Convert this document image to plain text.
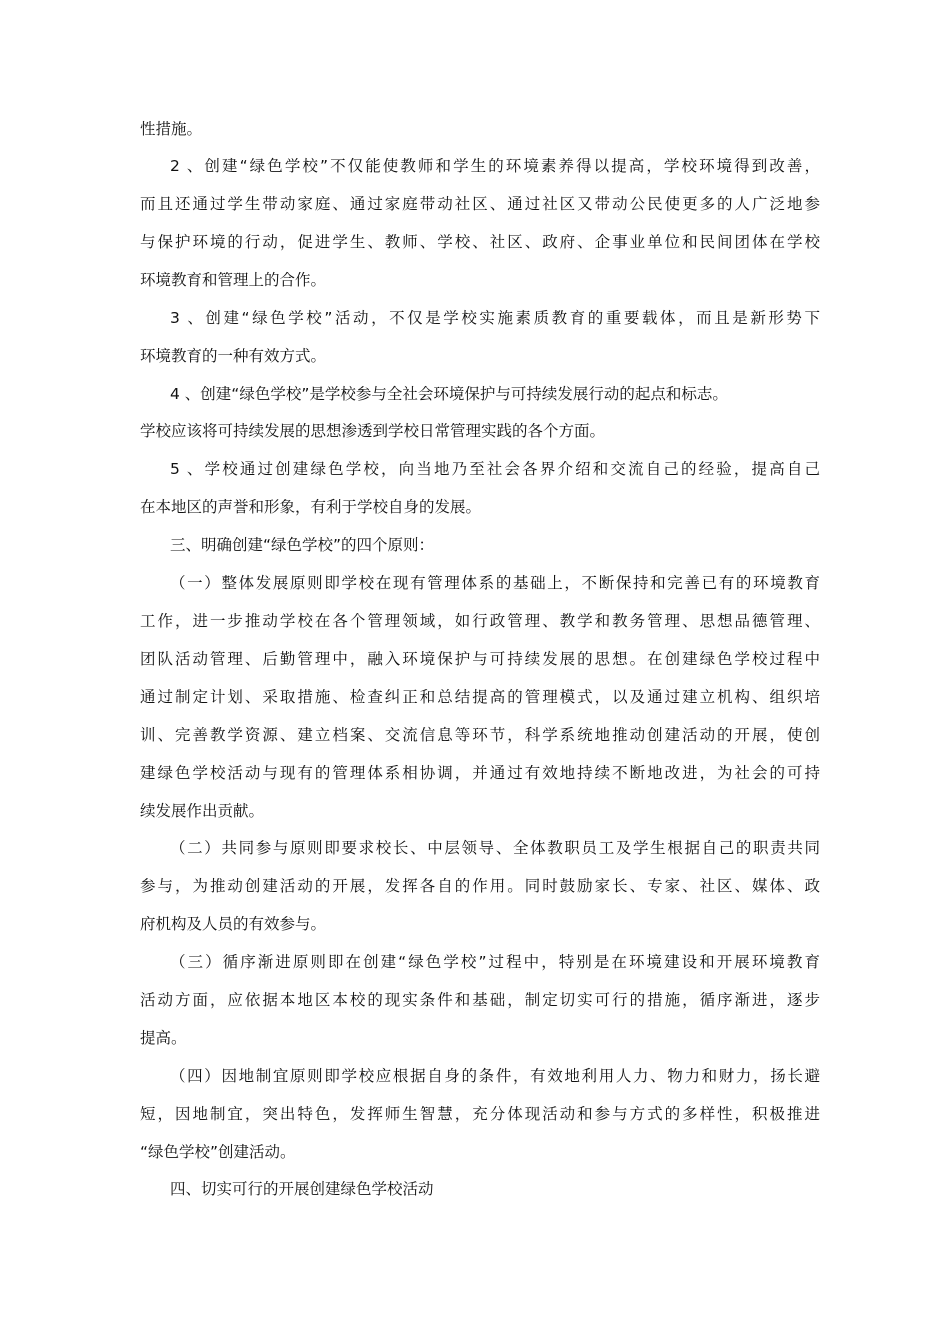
性措施。
2 、创建“绿色学校”不仅能使教师和学生的环境素养得以提高，学校环境得到改善，
而且还通过学生带动家庭、通过家庭带动社区、通过社区又带动公民使更多的人广泛地参
与保护环境的行动，促进学生、教师、学校、社区、政府、企事业单位和民间团体在学校
环境教育和管理上的合作。
3 、创建“绿色学校”活动，不仅是学校实施素质教育的重要载体，而且是新形势下
环境教育的一种有效方式。
4 、创建“绿色学校”是学校参与全社会环境保护与可持续发展行动的起点和标志。
学校应该将可持续发展的思想渗透到学校日常管理实践的各个方面。
5 、学校通过创建绿色学校，向当地乃至社会各界介绍和交流自己的经验，提高自己
在本地区的声誉和形象，有利于学校自身的发展。
三、明确创建“绿色学校”的四个原则：
（一）整体发展原则即学校在现有管理体系的基础上，不断保持和完善已有的环境教育
工作，进一步推动学校在各个管理领域，如行政管理、教学和教务管理、思想品德管理、
团队活动管理、后勤管理中，融入环境保护与可持续发展的思想。在创建绿色学校过程中
通过制定计划、采取措施、检查纠正和总结提高的管理模式，以及通过建立机构、组织培
训、完善教学资源、建立档案、交流信息等环节，科学系统地推动创建活动的开展，使创
建绿色学校活动与现有的管理体系相协调，并通过有效地持续不断地改进，为社会的可持
续发展作出贡献。
（二）共同参与原则即要求校长、中层领导、全体教职员工及学生根据自己的职责共同
参与，为推动创建活动的开展，发挥各自的作用。同时鼓励家长、专家、社区、媒体、政
府机构及人员的有效参与。
（三）循序渐进原则即在创建“绿色学校”过程中，特别是在环境建设和开展环境教育
活动方面，应依据本地区本校的现实条件和基础，制定切实可行的措施，循序渐进，逐步
提高。
（四）因地制宜原则即学校应根据自身的条件，有效地利用人力、物力和财力，扬长避
短，因地制宜，突出特色，发挥师生智慧，充分体现活动和参与方式的多样性，积极推进
“绿色学校”创建活动。
四、切实可行的开展创建绿色学校活动
